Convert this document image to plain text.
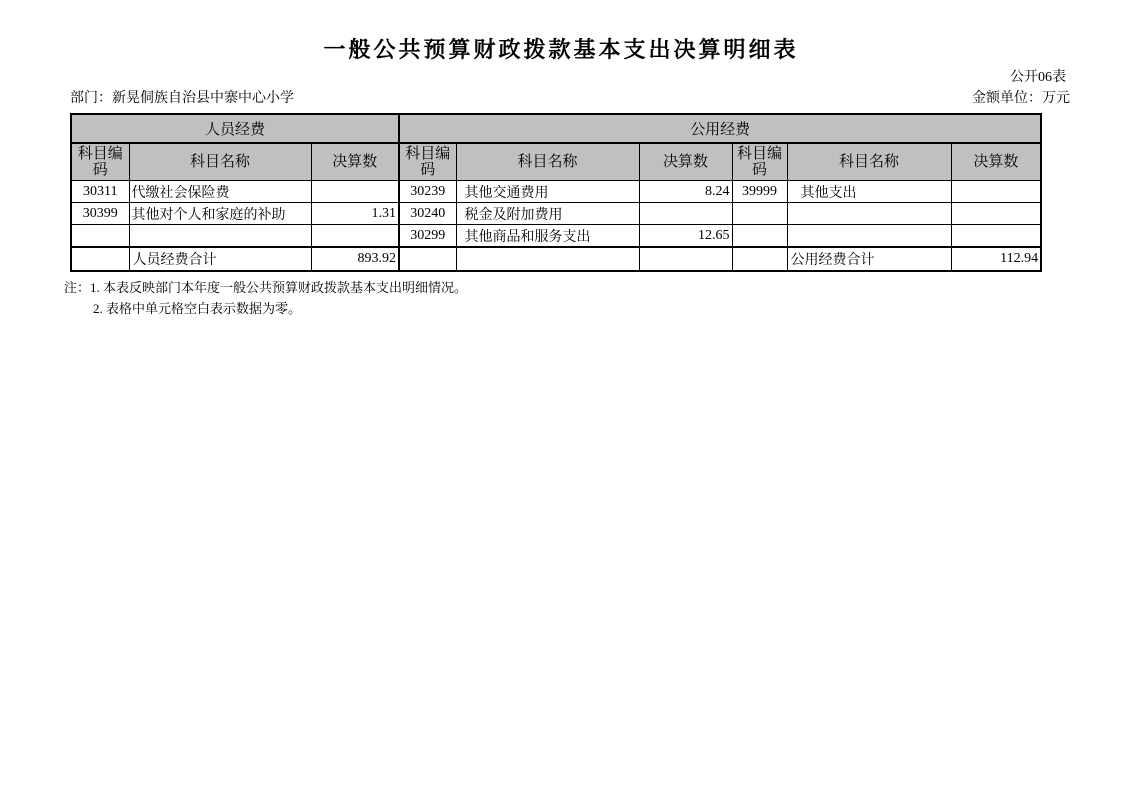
一般公共预算财政拨款基本支出决算明细表
公开06表
部门：新晃侗族自治县中寨中心小学	金额单位：万元
人员经费			公用经费					
科目编码	科目名称	决算数	科目编码	科目名称	决算数	科目编码	科目名称	决算数
30311	代缴社会保险费		30239	其他交通费用	8.24	39999	其他支出	
30399	其他对个人和家庭的补助	1.31	30240	税金及附加费用				
			30299	其他商品和服务支出	12.65			
	人员经费合计	893.92					公用经费合计	112.94
注：1. 本表反映部门本年度一般公共预算财政拨款基本支出明细情况。
2. 表格中单元格空白表示数据为零。
